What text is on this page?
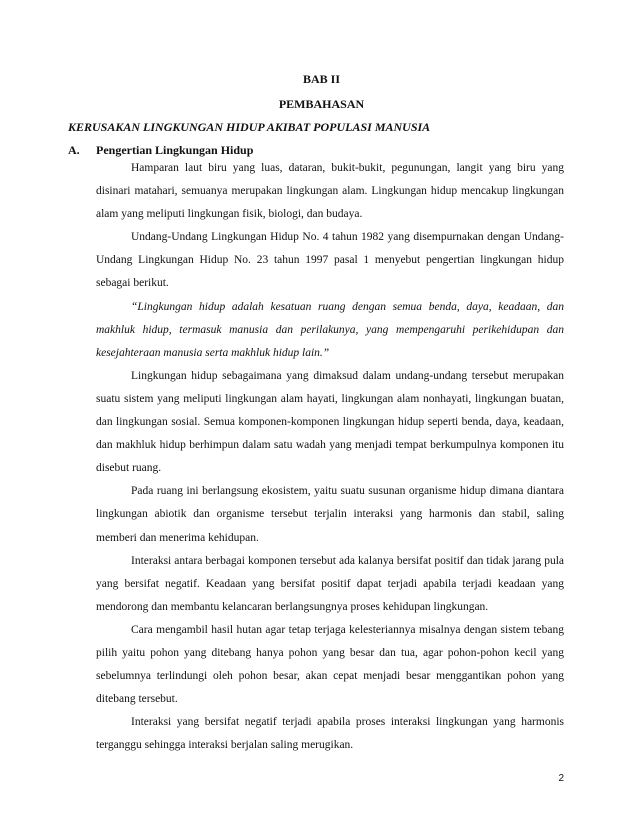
BAB II
PEMBAHASAN
KERUSAKAN LINGKUNGAN HIDUP AKIBAT POPULASI MANUSIA
A. Pengertian Lingkungan Hidup

Hamparan laut biru yang luas, dataran, bukit-bukit, pegunungan, langit yang biru yang disinari matahari, semuanya merupakan lingkungan alam. Lingkungan hidup mencakup lingkungan alam yang meliputi lingkungan fisik, biologi, dan budaya.

Undang-Undang Lingkungan Hidup No. 4 tahun 1982 yang disempurnakan dengan Undang-Undang Lingkungan Hidup No. 23 tahun 1997 pasal 1 menyebut pengertian lingkungan hidup sebagai berikut.

“Lingkungan hidup adalah kesatuan ruang dengan semua benda, daya, keadaan, dan makhluk hidup, termasuk manusia dan perilakunya, yang mempengaruhi perikehidupan dan kesejahteraan manusia serta makhluk hidup lain.”

Lingkungan hidup sebagaimana yang dimaksud dalam undang-undang tersebut merupakan suatu sistem yang meliputi lingkungan alam hayati, lingkungan alam nonhayati, lingkungan buatan, dan lingkungan sosial. Semua komponen-komponen lingkungan hidup seperti benda, daya, keadaan, dan makhluk hidup berhimpun dalam satu wadah yang menjadi tempat berkumpulnya komponen itu disebut ruang.

Pada ruang ini berlangsung ekosistem, yaitu suatu susunan organisme hidup dimana diantara lingkungan abiotik dan organisme tersebut terjalin interaksi yang harmonis dan stabil, saling memberi dan menerima kehidupan.

Interaksi antara berbagai komponen tersebut ada kalanya bersifat positif dan tidak jarang pula yang bersifat negatif. Keadaan yang bersifat positif dapat terjadi apabila terjadi keadaan yang mendorong dan membantu kelancaran berlangsungnya proses kehidupan lingkungan.

Cara mengambil hasil hutan agar tetap terjaga kelesteriannya misalnya dengan sistem tebang pilih yaitu pohon yang ditebang hanya pohon yang besar dan tua, agar pohon-pohon kecil yang sebelumnya terlindungi oleh pohon besar, akan cepat menjadi besar menggantikan pohon yang ditebang tersebut.

Interaksi yang bersifat negatif terjadi apabila proses interaksi lingkungan yang harmonis terganggu sehingga interaksi berjalan saling merugikan.

2
